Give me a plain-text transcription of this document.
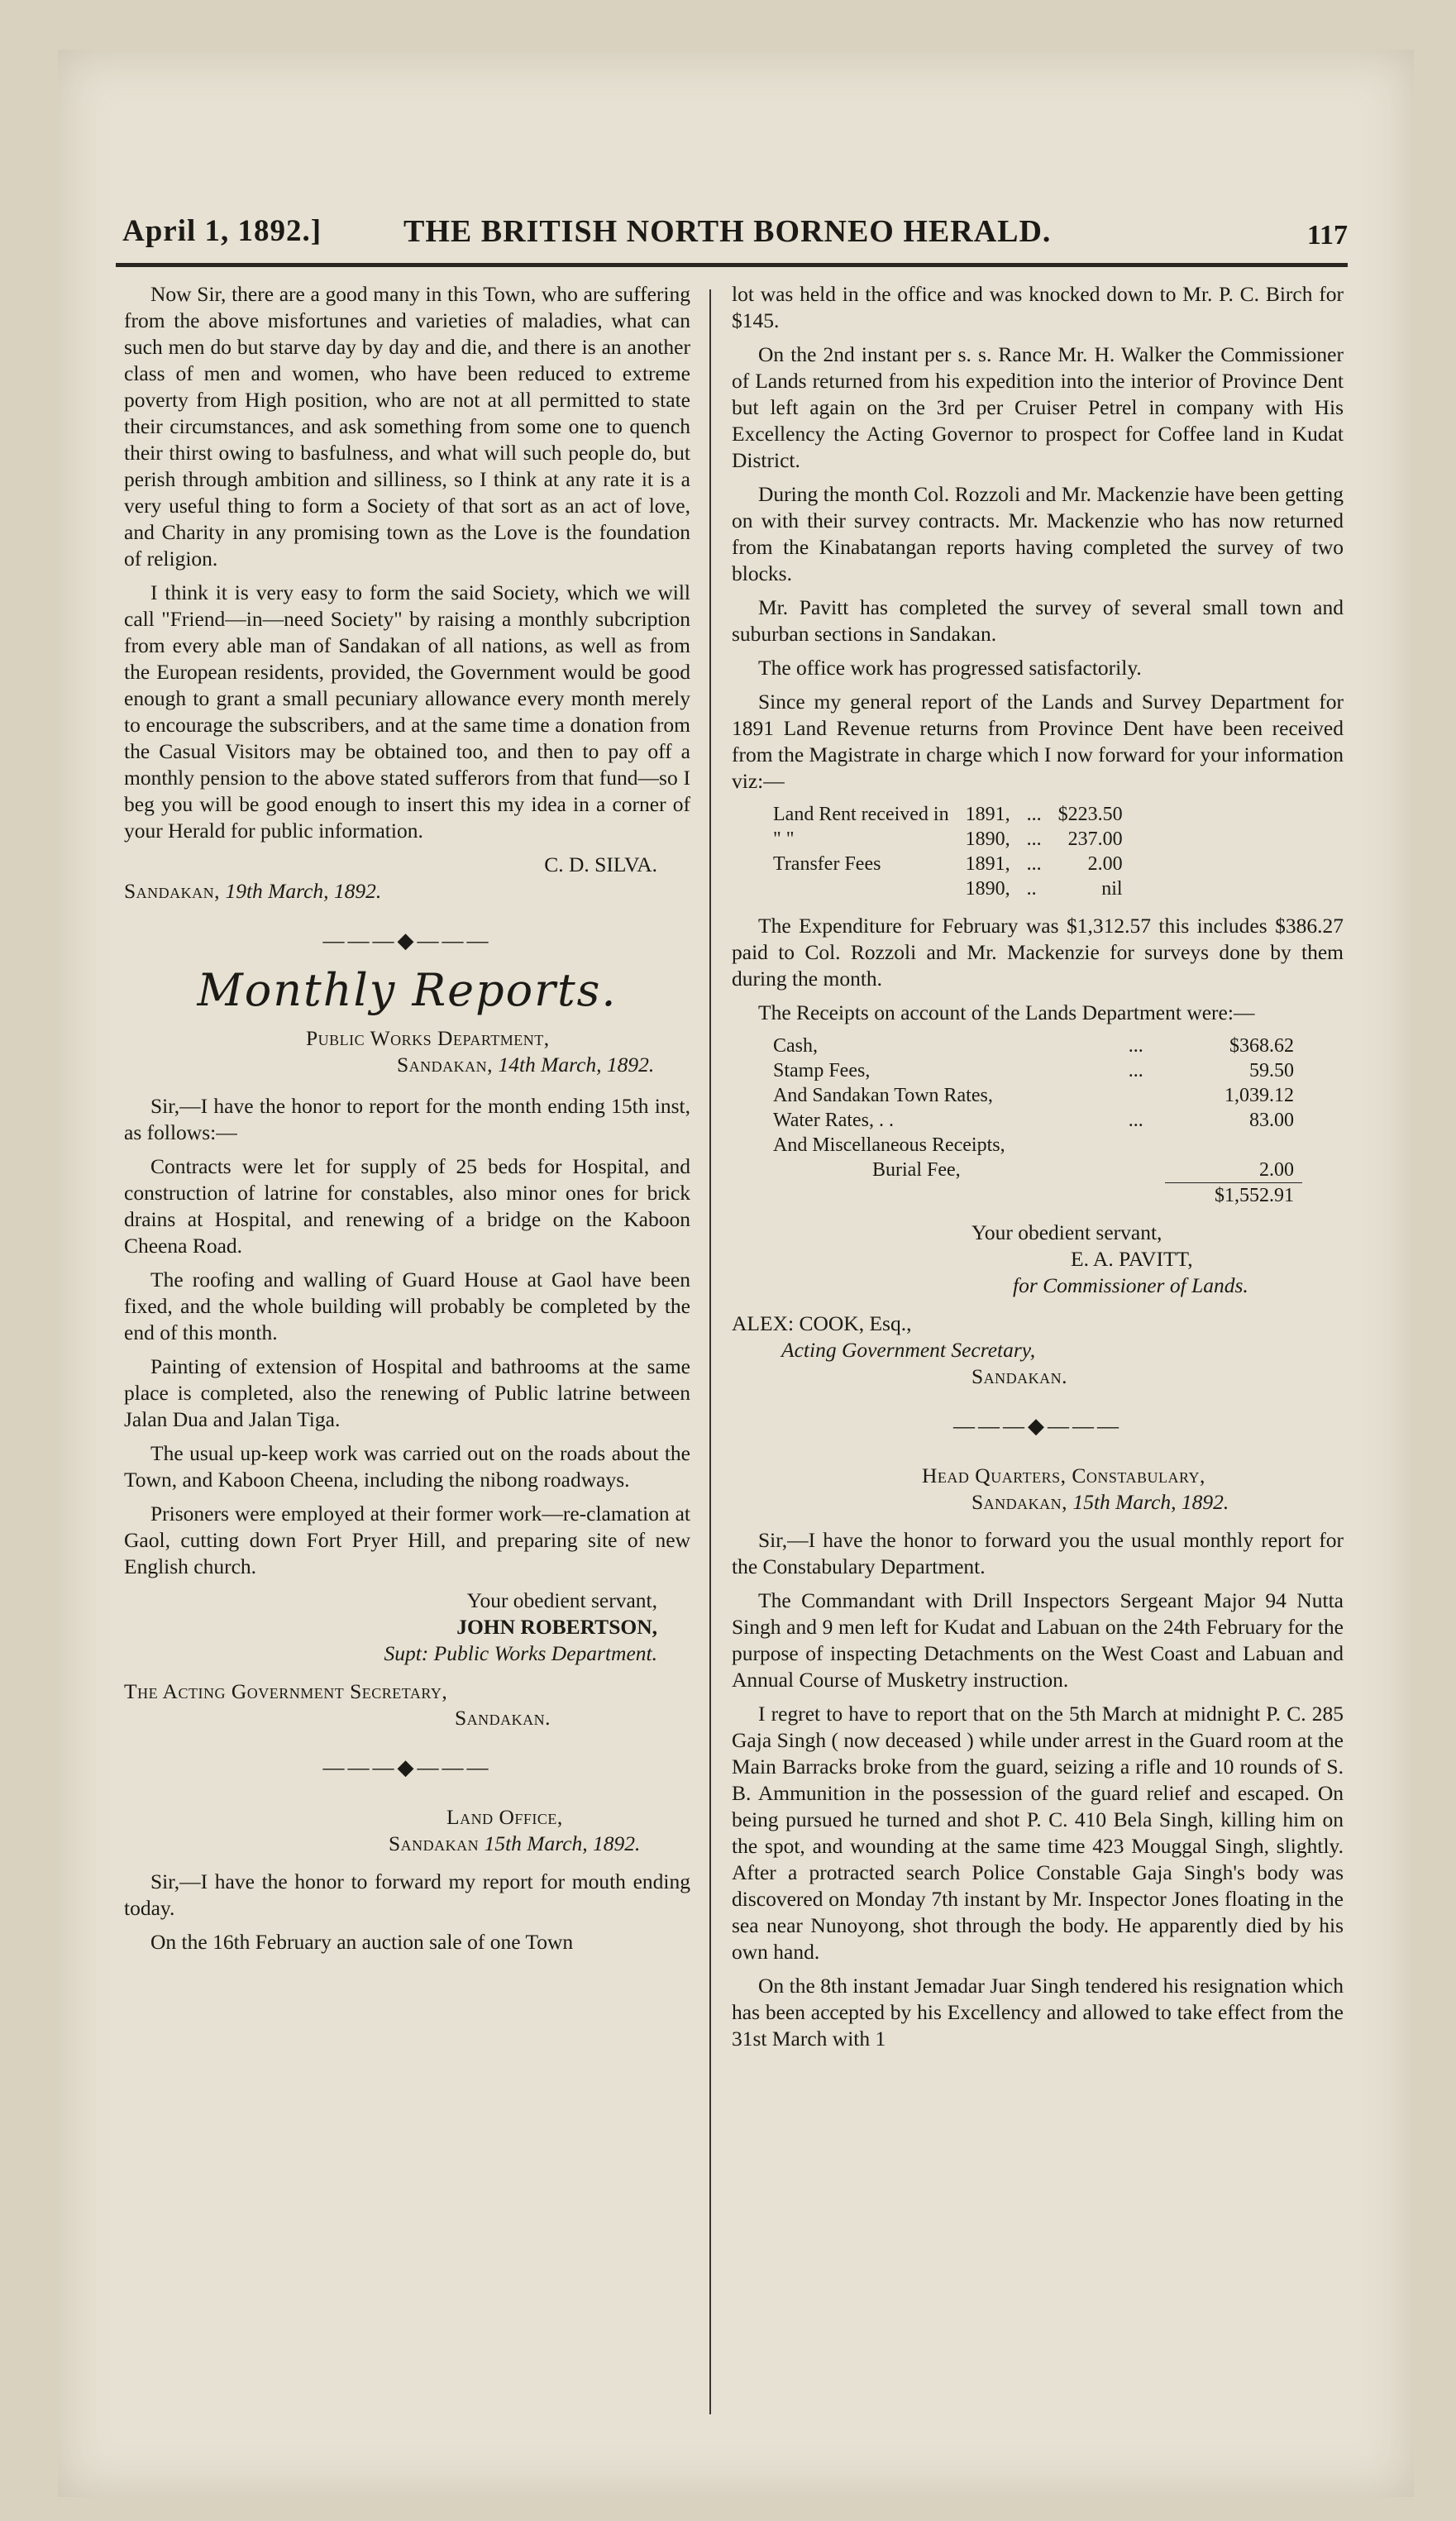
April 1, 1892.]	THE BRITISH NORTH BORNEO HERALD.	117

Now Sir, there are a good many in this Town, who are suffering from the above misfortunes and varieties of maladies, what can such men do but starve day by day and die, and there is an another class of men and women, who have been reduced to extreme poverty from High position, who are not at all permitted to state their circumstances, and ask something from some one to quench their thirst owing to basfulness, and what will such people do, but perish through ambition and silliness, so I think at any rate it is a very useful thing to form a Society of that sort as an act of love, and Charity in any promising town as the Love is the foundation of religion.

I think it is very easy to form the said Society, which we will call "Friend—in—need Society" by raising a monthly subcription from every able man of Sandakan of all nations, as well as from the European residents, provided, the Government would be good enough to grant a small pecuniary allowance every month merely to encourage the subscribers, and at the same time a donation from the Casual Visitors may be obtained too, and then to pay off a monthly pension to the above stated sufferors from that fund—so I beg you will be good enough to insert this my idea in a corner of your Herald for public information.

C. D. SILVA.
Sandakan, 19th March, 1892.
———◆———
Monthly Reports.
Public Works Department,
Sandakan, 14th March, 1892.

Sir,—I have the honor to report for the month ending 15th inst, as follows:—

Contracts were let for supply of 25 beds for Hospital, and construction of latrine for constables, also minor ones for brick drains at Hospital, and renewing of a bridge on the Kaboon Cheena Road.

The roofing and walling of Guard House at Gaol have been fixed, and the whole building will probably be completed by the end of this month.

Painting of extension of Hospital and bathrooms at the same place is completed, also the renewing of Public latrine between Jalan Dua and Jalan Tiga.

The usual up-keep work was carried out on the roads about the Town, and Kaboon Cheena, including the nibong roadways.

Prisoners were employed at their former work—re-clamation at Gaol, cutting down Fort Pryer Hill, and preparing site of new English church.

Your obedient servant,
JOHN ROBERTSON,
Supt: Public Works Department.
The Acting Government Secretary,
Sandakan.
———◆———
Land Office,
Sandakan 15th March, 1892.

Sir,—I have the honor to forward my report for mouth ending today.

On the 16th February an auction sale of one Town

lot was held in the office and was knocked down to Mr. P. C. Birch for $145.

On the 2nd instant per s. s. Rance Mr. H. Walker the Commissioner of Lands returned from his expedition into the interior of Province Dent but left again on the 3rd per Cruiser Petrel in company with His Excellency the Acting Governor to prospect for Coffee land in Kudat District.

During the month Col. Rozzoli and Mr. Mackenzie have been getting on with their survey contracts. Mr. Mackenzie who has now returned from the Kinabatangan reports having completed the survey of two blocks.

Mr. Pavitt has completed the survey of several small town and suburban sections in Sandakan.

The office work has progressed satisfactorily.

Since my general report of the Lands and Survey Department for 1891 Land Revenue returns from Province Dent have been received from the Magistrate in charge which I now forward for your information viz:—

Land Rent received in	1891,	...	$223.50
" "	1890,	...	237.00
Transfer Fees	1891,	...	2.00
	1890,	..	nil

The Expenditure for February was $1,312.57 this includes $386.27 paid to Col. Rozzoli and Mr. Mackenzie for surveys done by them during the month.

The Receipts on account of the Lands Department were:—

Cash,	...	$368.62
Stamp Fees,	...	59.50
And Sandakan Town Rates,		1,039.12
Water Rates, . .	...	83.00
And Miscellaneous Receipts,		
Burial Fee,		2.00
		$1,552.91
Your obedient servant,
E. A. PAVITT,
for Commissioner of Lands.
ALEX: COOK, Esq.,
Acting Government Secretary,
Sandakan.
———◆———
Head Quarters, Constabulary,
Sandakan, 15th March, 1892.

Sir,—I have the honor to forward you the usual monthly report for the Constabulary Department.

The Commandant with Drill Inspectors Sergeant Major 94 Nutta Singh and 9 men left for Kudat and Labuan on the 24th February for the purpose of inspecting Detachments on the West Coast and Labuan and Annual Course of Musketry instruction.

I regret to have to report that on the 5th March at midnight P. C. 285 Gaja Singh ( now deceased ) while under arrest in the Guard room at the Main Barracks broke from the guard, seizing a rifle and 10 rounds of S. B. Ammunition in the possession of the guard relief and escaped. On being pursued he turned and shot P. C. 410 Bela Singh, killing him on the spot, and wounding at the same time 423 Mouggal Singh, slightly. After a protracted search Police Constable Gaja Singh's body was discovered on Monday 7th instant by Mr. Inspector Jones floating in the sea near Nunoyong, shot through the body. He apparently died by his own hand.

On the 8th instant Jemadar Juar Singh tendered his resignation which has been accepted by his Excellency and allowed to take effect from the 31st March with 1
